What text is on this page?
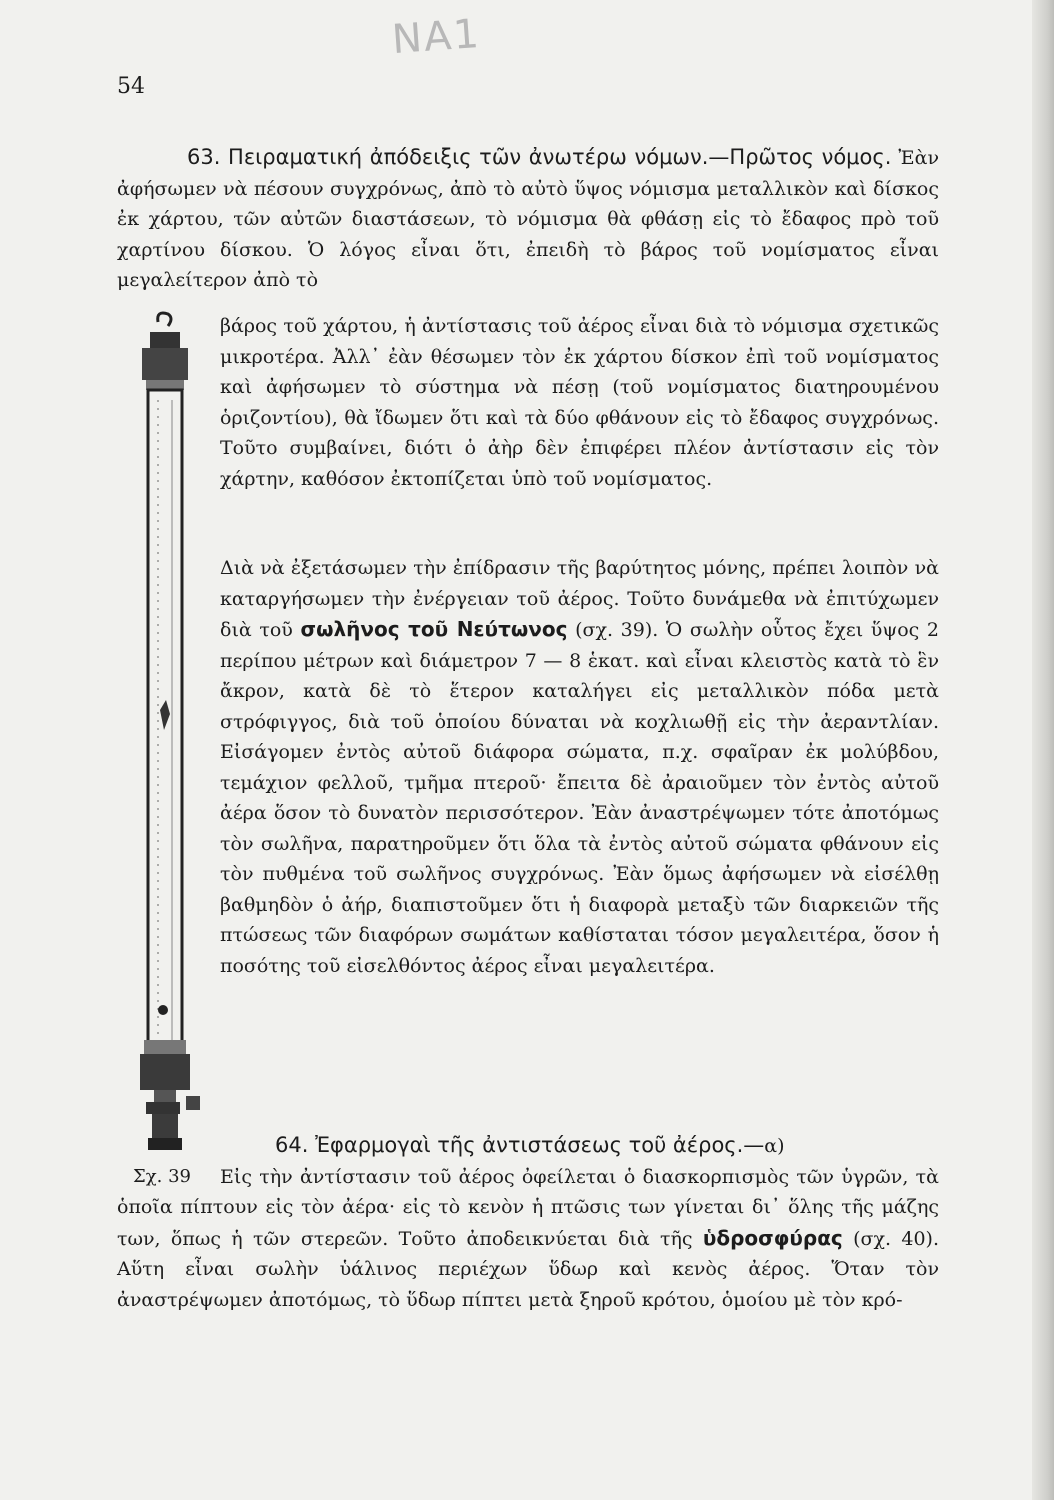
NA1
54

63. Πειραματική ἀπόδειξις τῶν ἀνωτέρω νόμων.—Πρῶτος νόμος. Ἐὰν ἀφήσωμεν νὰ πέσουν συγχρόνως, ἀπὸ τὸ αὐτὸ ὕψος νόμισμα μεταλλικὸν καὶ δίσκος ἐκ χάρτου, τῶν αὐτῶν διαστάσεων, τὸ νόμισμα θὰ φθάσῃ εἰς τὸ ἔδαφος πρὸ τοῦ χαρτίνου δίσκου. Ὁ λόγος εἶναι ὅτι, ἐπειδὴ τὸ βάρος τοῦ νομίσματος εἶναι μεγαλείτερον ἀπὸ τὸ

βάρος τοῦ χάρτου, ἡ ἀντίστασις τοῦ ἀέρος εἶναι διὰ τὸ νόμισμα σχετικῶς μικροτέρα. Ἀλλ᾽ ἐὰν θέσωμεν τὸν ἐκ χάρτου δίσκον ἐπὶ τοῦ νομίσματος καὶ ἀφήσωμεν τὸ σύστημα νὰ πέσῃ (τοῦ νομίσματος διατηρουμένου ὁριζοντίου), θὰ ἴδωμεν ὅτι καὶ τὰ δύο φθάνουν εἰς τὸ ἔδαφος συγχρόνως. Τοῦτο συμβαίνει, διότι ὁ ἀὴρ δὲν ἐπιφέρει πλέον ἀντίστασιν εἰς τὸν χάρτην, καθόσον ἐκτοπίζεται ὑπὸ τοῦ νομίσματος.

Διὰ νὰ ἐξετάσωμεν τὴν ἐπίδρασιν τῆς βαρύτητος μόνης, πρέπει λοιπὸν νὰ καταργήσωμεν τὴν ἐνέργειαν τοῦ ἀέρος. Τοῦτο δυνάμεθα νὰ ἐπιτύχωμεν διὰ τοῦ σωλῆνος τοῦ Νεύτωνος (σχ. 39). Ὁ σωλὴν οὗτος ἔχει ὕψος 2 περίπου μέτρων καὶ διάμετρον 7 — 8 ἑκατ. καὶ εἶναι κλειστὸς κατὰ τὸ ἓν ἄκρον, κατὰ δὲ τὸ ἕτερον καταλήγει εἰς μεταλλικὸν πόδα μετὰ στρόφιγγος, διὰ τοῦ ὁποίου δύναται νὰ κοχλιωθῇ εἰς τὴν ἀεραντλίαν. Εἰσάγομεν ἐντὸς αὐτοῦ διάφορα σώματα, π.χ. σφαῖραν ἐκ μολύβδου, τεμάχιον φελλοῦ, τμῆμα πτεροῦ· ἔπειτα δὲ ἀραιοῦμεν τὸν ἐντὸς αὐτοῦ ἀέρα ὅσον τὸ δυνατὸν περισσότερον. Ἐὰν ἀναστρέψωμεν τότε ἀποτόμως τὸν σωλῆνα, παρατηροῦμεν ὅτι ὅλα τὰ ἐντὸς αὐτοῦ σώματα φθάνουν εἰς τὸν πυθμένα τοῦ σωλῆνος συγχρόνως. Ἐὰν ὅμως ἀφήσωμεν νὰ εἰσέλθῃ βαθμηδὸν ὁ ἀήρ, διαπιστοῦμεν ὅτι ἡ διαφορὰ μεταξὺ τῶν διαρκειῶν τῆς πτώσεως τῶν διαφόρων σωμάτων καθίσταται τόσον μεγαλειτέρα, ὅσον ἡ ποσότης τοῦ εἰσελθόντος ἀέρος εἶναι μεγαλειτέρα.

Σχ. 39

64. Ἐφαρμογαὶ τῆς ἀντιστάσεως τοῦ ἀέρος.—α)
Εἰς τὴν ἀντίστασιν τοῦ ἀέρος ὀφείλεται ὁ διασκορπισμὸς τῶν ὑγρῶν, τὰ ὁποῖα πίπτουν εἰς τὸν ἀέρα· εἰς τὸ κενὸν ἡ πτῶσις των γίνεται δι᾽ ὅλης τῆς μάζης των, ὅπως ἡ τῶν στερεῶν. Τοῦτο ἀποδεικνύεται διὰ τῆς ὑδροσφύρας (σχ. 40). Αὕτη εἶναι σωλὴν ὑάλινος περιέχων ὕδωρ καὶ κενὸς ἀέρος. Ὅταν τὸν ἀναστρέψωμεν ἀποτόμως, τὸ ὕδωρ πίπτει μετὰ ξηροῦ κρότου, ὁμοίου μὲ τὸν κρό-
